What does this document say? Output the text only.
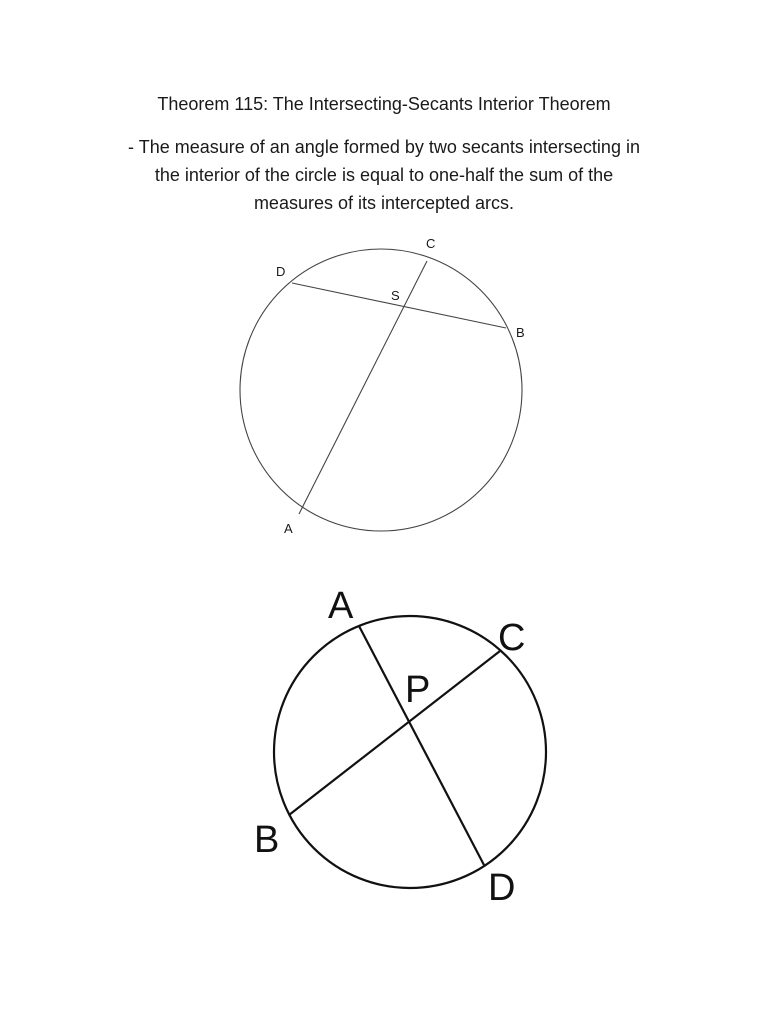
Theorem 115: The Intersecting-Secants Interior Theorem
- The measure of an angle formed by two secants intersecting in
the interior of the circle is equal to one-half the sum of the
measures of its intercepted arcs.
C
D
S
B
A
A
C
P
B
D
